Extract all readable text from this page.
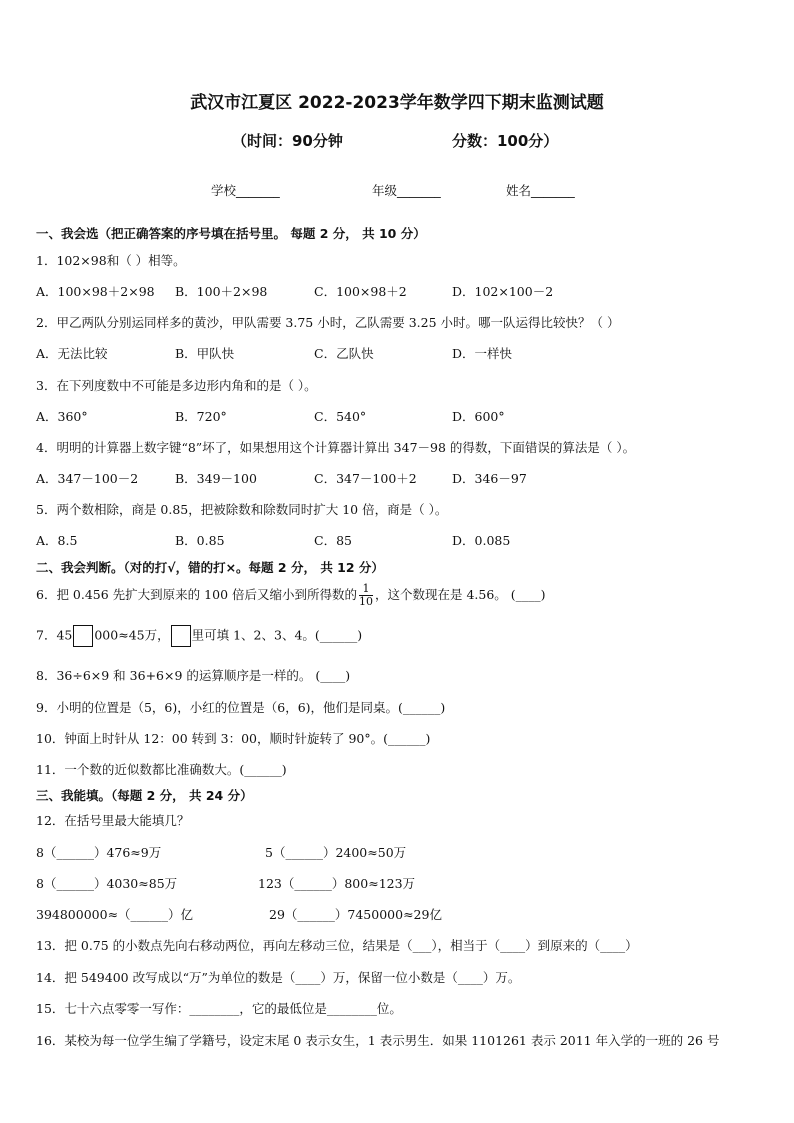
武汉市江夏区 2022-2023学年数学四下期末监测试题
（时间：90分钟	分数：100分）
学校_______	年级_______	姓名_______
一、我会选（把正确答案的序号填在括号里。 每题 2 分， 共 10 分）
1．102×98和（ ）相等。
A．100×98＋2×98 B．100＋2×98	C．100×98＋2	D．102×100－2
2．甲乙两队分别运同样多的黄沙，甲队需要 3.75 小时，乙队需要 3.25 小时。哪一队运得比较快？（ ）
A．无法比较	B．甲队快	C．乙队快	D．一样快
3．在下列度数中不可能是多边形内角和的是（ ）。
A．360°	B．720°	C．540°	D．600°
4．明明的计算器上数字键“8”坏了，如果想用这个计算器计算出 347－98 的得数，下面错误的算法是（ ）。
A．347－100－2	B．349－100	C．347－100＋2	D．346－97
5．两个数相除，商是 0.85，把被除数和除数同时扩大 10 倍，商是（ ）。
A．8.5	B．0.85	C．85	D．0.085
二、我会判断。（对的打√，错的打×。每题 2 分， 共 12 分）
6．把 0.456 先扩大到原来的 100 倍后又缩小到所得数的 $\frac{1}{10}$ ，这个数现在是 4.56。 (____)
7．45 000≈45万， 里可填 1、2、3、4。(______)
8．36÷6×9 和 36+6×9 的运算顺序是一样的。 (____)
9．小明的位置是（5，6)，小红的位置是（6，6)，他们是同桌。(______)
10．钟面上时针从 12：00 转到 3：00，顺时针旋转了 90°。(______)
11．一个数的近似数都比准确数大。(______)
三、我能填。（每题 2 分， 共 24 分）
12．在括号里最大能填几？
8（______）476≈9万	5（______）2400≈50万
8（______）4030≈85万	123（______）800≈123万
394800000≈（______）亿	29（______）7450000≈29亿
13．把 0.75 的小数点先向右移动两位，再向左移动三位，结果是（___），相当于（____）到原来的（____）
14．把 549400 改写成以“万”为单位的数是（____）万，保留一位小数是（____）万。
15．七十六点零零一写作：________，它的最低位是________位。
16．某校为每一位学生编了学籍号，设定末尾 0 表示女生，1 表示男生．如果 1101261 表示 2011 年入学的一班的 26 号
